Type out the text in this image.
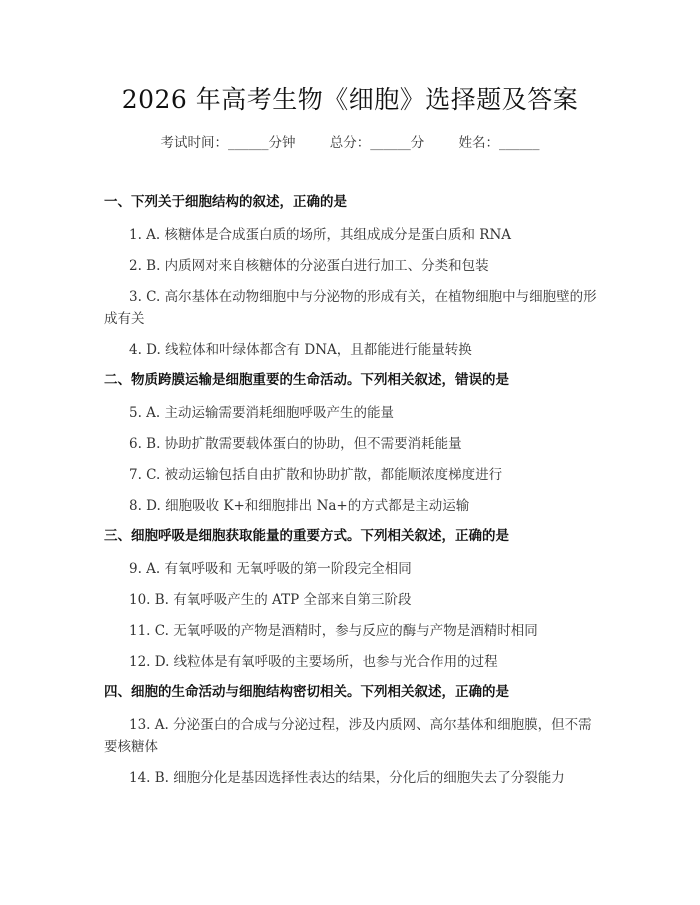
2026 年高考生物《细胞》选择题及答案
考试时间：______分钟	总分：______分	姓名：______

一、下列关于细胞结构的叙述，正确的是

1. A. 核糖体是合成蛋白质的场所，其组成成分是蛋白质和 RNA

2. B. 内质网对来自核糖体的分泌蛋白进行加工、分类和包装

3. C. 高尔基体在动物细胞中与分泌物的形成有关，在植物细胞中与细胞壁的形成有关

4. D. 线粒体和叶绿体都含有 DNA，且都能进行能量转换

二、物质跨膜运输是细胞重要的生命活动。下列相关叙述，错误的是

5. A. 主动运输需要消耗细胞呼吸产生的能量

6. B. 协助扩散需要载体蛋白的协助，但不需要消耗能量

7. C. 被动运输包括自由扩散和协助扩散，都能顺浓度梯度进行

8. D. 细胞吸收 K+和细胞排出 Na+的方式都是主动运输

三、细胞呼吸是细胞获取能量的重要方式。下列相关叙述，正确的是

9. A. 有氧呼吸和 无氧呼吸的第一阶段完全相同

10. B. 有氧呼吸产生的 ATP 全部来自第三阶段

11. C. 无氧呼吸的产物是酒精时，参与反应的酶与产物是酒精时相同

12. D. 线粒体是有氧呼吸的主要场所，也参与光合作用的过程

四、细胞的生命活动与细胞结构密切相关。下列相关叙述，正确的是

13. A. 分泌蛋白的合成与分泌过程，涉及内质网、高尔基体和细胞膜，但不需要核糖体

14. B. 细胞分化是基因选择性表达的结果，分化后的细胞失去了分裂能力
